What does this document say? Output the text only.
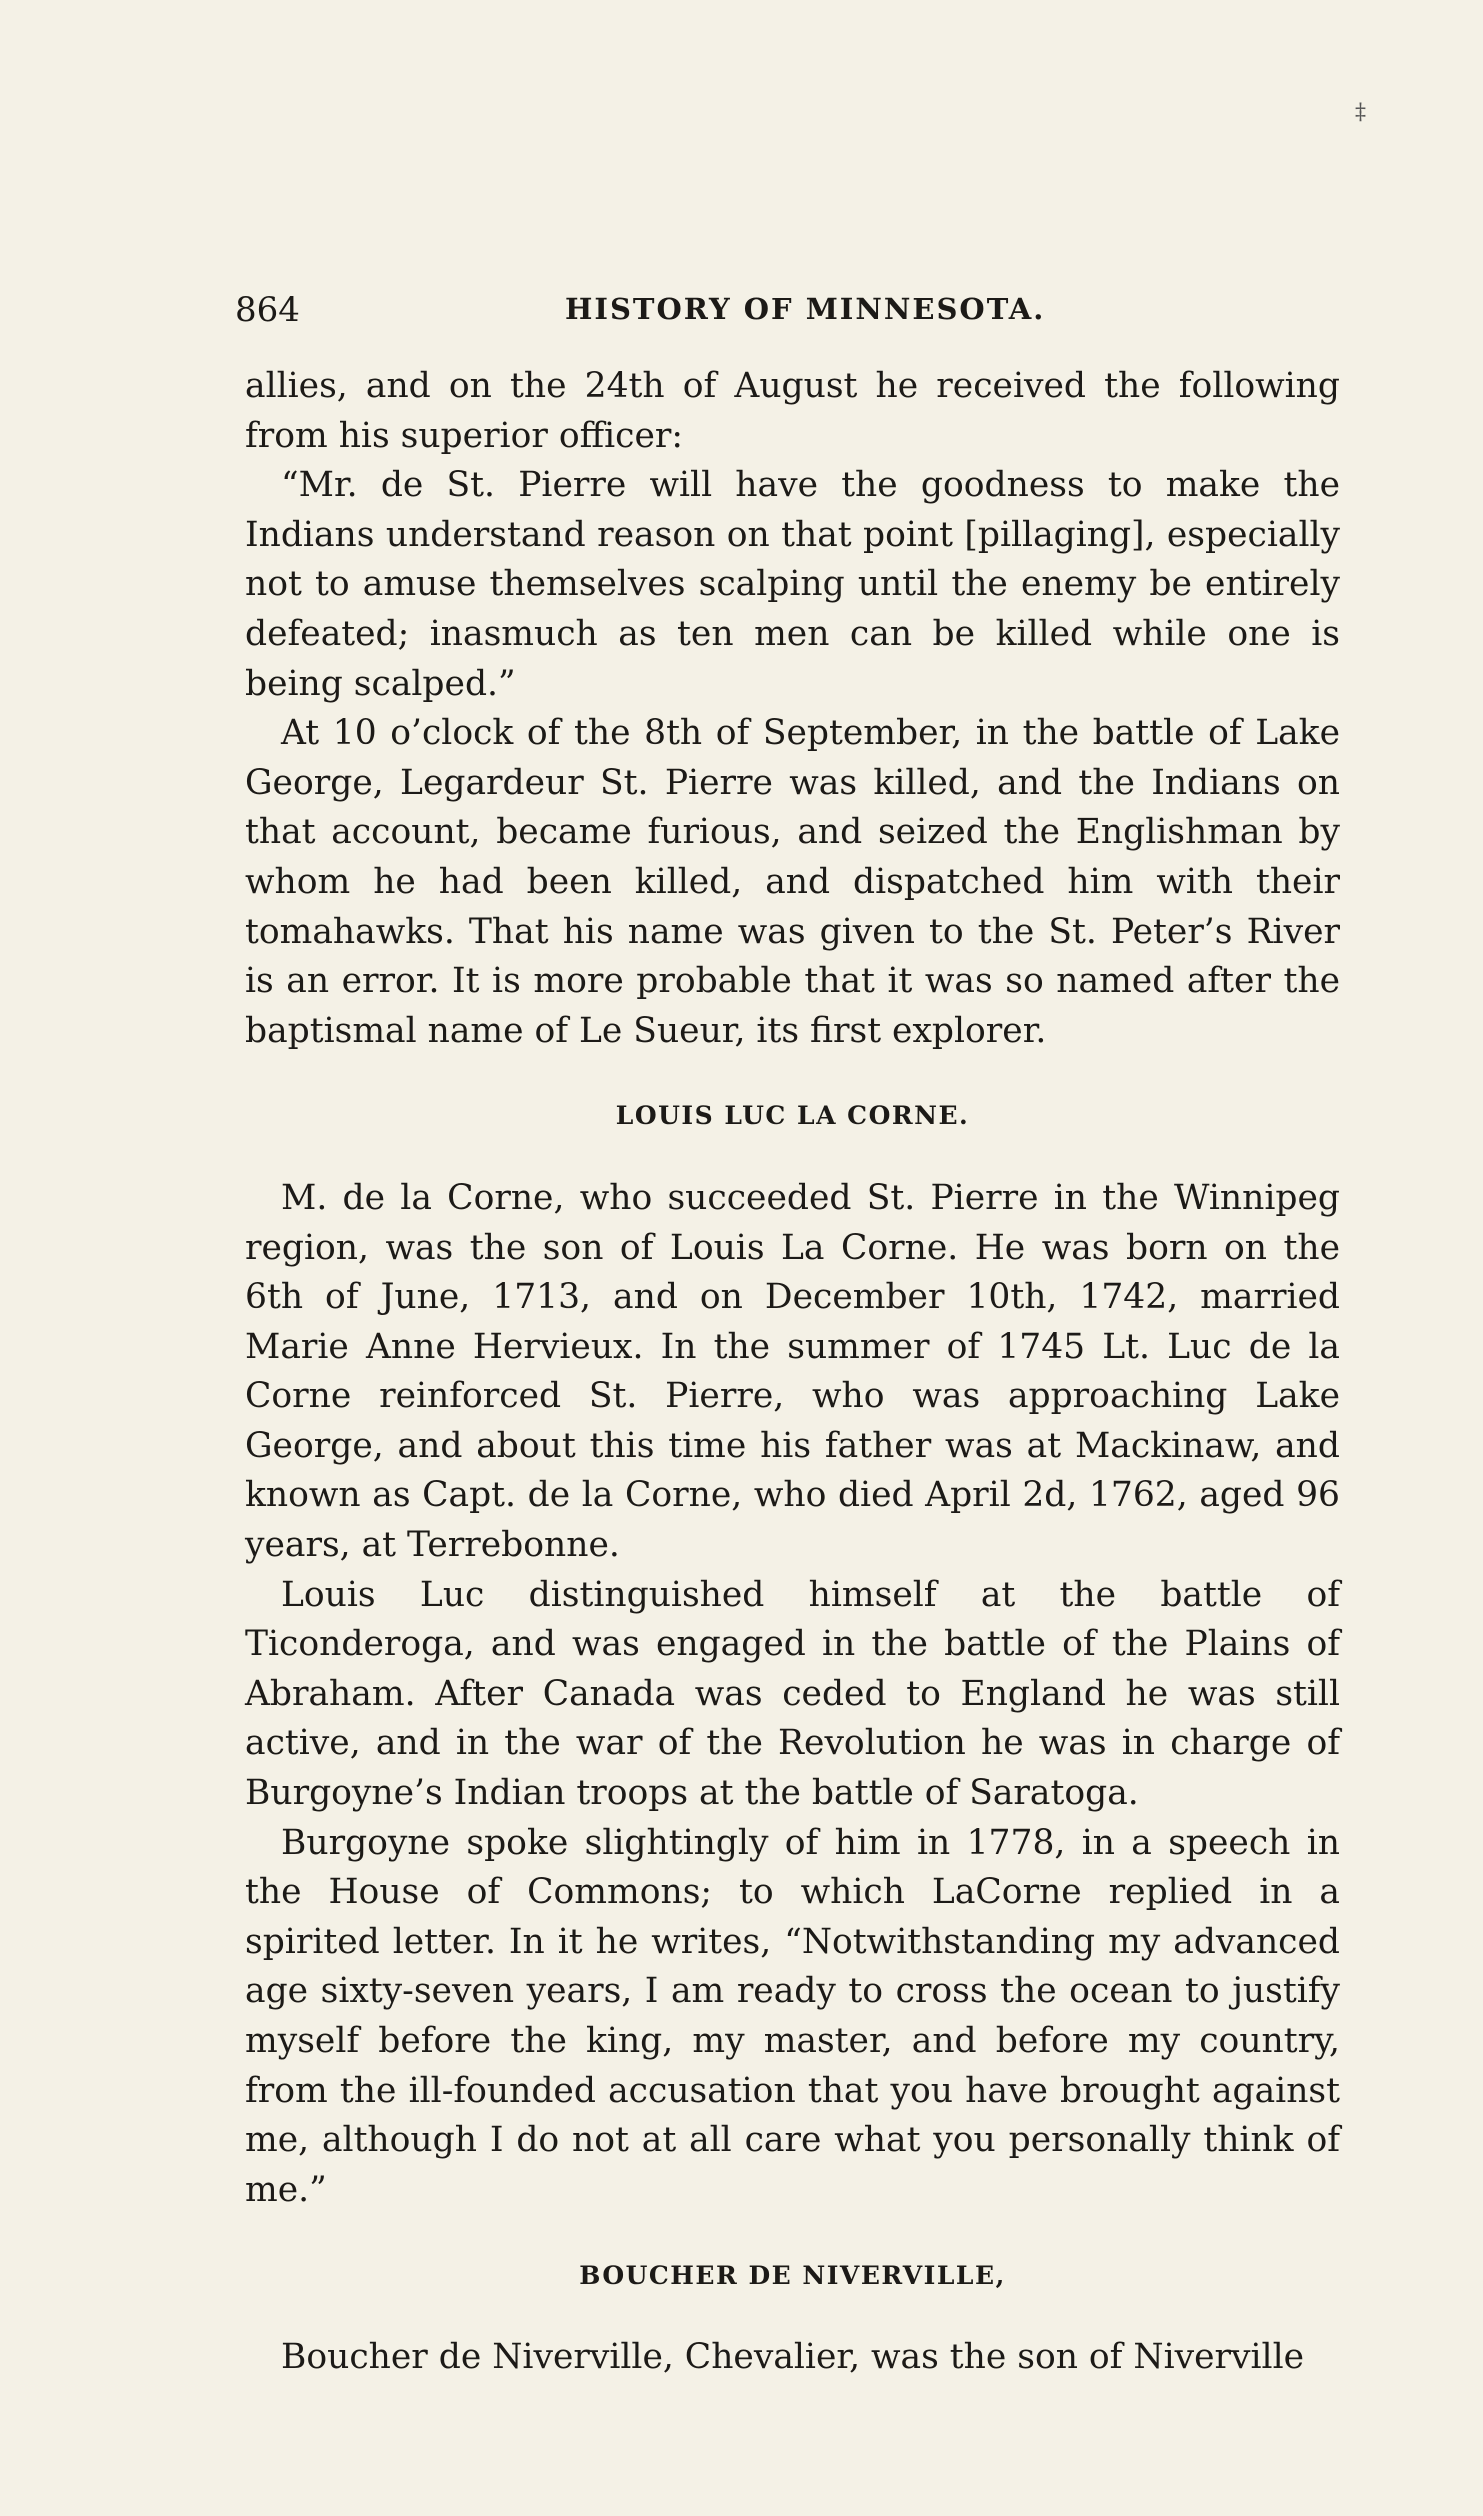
‡
864	HISTORY OF MINNESOTA.

allies, and on the 24th of August he received the following from his superior officer:

“Mr. de St. Pierre will have the goodness to make the Indians understand reason on that point [pillaging], especially not to amuse themselves scalping until the enemy be entirely defeated; inasmuch as ten men can be killed while one is being scalped.”

At 10 o’clock of the 8th of September, in the battle of Lake George, Legardeur St. Pierre was killed, and the Indians on that account, became furious, and seized the Englishman by whom he had been killed, and dispatched him with their tomahawks. That his name was given to the St. Peter’s River is an error. It is more probable that it was so named after the baptismal name of Le Sueur, its first explorer.

LOUIS LUC LA CORNE.

M. de la Corne, who succeeded St. Pierre in the Winnipeg region, was the son of Louis La Corne. He was born on the 6th of June, 1713, and on December 10th, 1742, married Marie Anne Hervieux. In the summer of 1745 Lt. Luc de la Corne reinforced St. Pierre, who was approaching Lake George, and about this time his father was at Mackinaw, and known as Capt. de la Corne, who died April 2d, 1762, aged 96 years, at Terrebonne.

Louis Luc distinguished himself at the battle of Ticonderoga, and was engaged in the battle of the Plains of Abraham. After Canada was ceded to England he was still active, and in the war of the Revolution he was in charge of Burgoyne’s Indian troops at the battle of Saratoga.

Burgoyne spoke slightingly of him in 1778, in a speech in the House of Commons; to which LaCorne replied in a spirited letter. In it he writes, “Notwithstanding my advanced age sixty-seven years, I am ready to cross the ocean to justify myself before the king, my master, and before my country, from the ill-founded accusation that you have brought against me, although I do not at all care what you personally think of me.”

BOUCHER DE NIVERVILLE,

Boucher de Niverville, Chevalier, was the son of Niverville
